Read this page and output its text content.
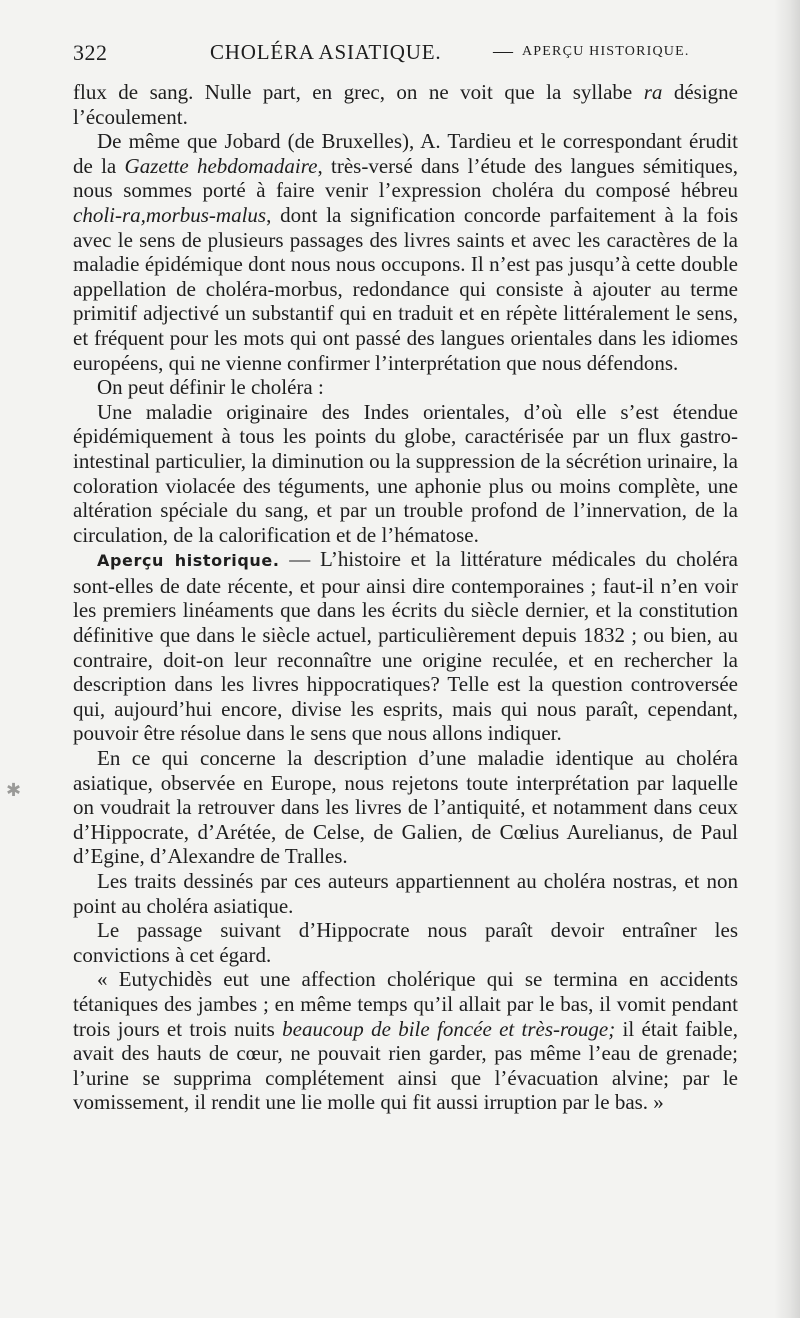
322	CHOLÉRA ASIATIQUE.	— APERÇU HISTORIQUE.

flux de sang. Nulle part, en grec, on ne voit que la syllabe ra désigne l’écoulement.

De même que Jobard (de Bruxelles), A. Tardieu et le correspondant érudit de la Gazette hebdomadaire, très-versé dans l’étude des langues sémitiques, nous sommes porté à faire venir l’expression choléra du composé hébreu choli-ra,morbus-malus, dont la signification concorde parfaitement à la fois avec le sens de plusieurs passages des livres saints et avec les caractères de la maladie épidémique dont nous nous occupons. Il n’est pas jusqu’à cette double appellation de choléra-morbus, redondance qui consiste à ajouter au terme primitif adjectivé un substantif qui en traduit et en répète littéralement le sens, et fréquent pour les mots qui ont passé des langues orientales dans les idiomes européens, qui ne vienne confirmer l’interprétation que nous défendons.

On peut définir le choléra :

Une maladie originaire des Indes orientales, d’où elle s’est étendue épidémiquement à tous les points du globe, caractérisée par un flux gastro-intestinal particulier, la diminution ou la suppression de la sécrétion urinaire, la coloration violacée des téguments, une aphonie plus ou moins complète, une altération spéciale du sang, et par un trouble profond de l’innervation, de la circulation, de la calorification et de l’hématose.

Aperçu historique. — L’histoire et la littérature médicales du choléra sont-elles de date récente, et pour ainsi dire contemporaines ; faut-il n’en voir les premiers linéaments que dans les écrits du siècle dernier, et la constitution définitive que dans le siècle actuel, particulièrement depuis 1832 ; ou bien, au contraire, doit-on leur reconnaître une origine reculée, et en rechercher la description dans les livres hippocratiques? Telle est la question controversée qui, aujourd’hui encore, divise les esprits, mais qui nous paraît, cependant, pouvoir être résolue dans le sens que nous allons indiquer.

En ce qui concerne la description d’une maladie identique au choléra asiatique, observée en Europe, nous rejetons toute interprétation par laquelle on voudrait la retrouver dans les livres de l’antiquité, et notamment dans ceux d’Hippocrate, d’Arétée, de Celse, de Galien, de Cœlius Aurelianus, de Paul d’Egine, d’Alexandre de Tralles.

Les traits dessinés par ces auteurs appartiennent au choléra nostras, et non point au choléra asiatique.

Le passage suivant d’Hippocrate nous paraît devoir entraîner les convictions à cet égard.

« Eutychidès eut une affection cholérique qui se termina en accidents tétaniques des jambes ; en même temps qu’il allait par le bas, il vomit pendant trois jours et trois nuits beaucoup de bile foncée et très-rouge; il était faible, avait des hauts de cœur, ne pouvait rien garder, pas même l’eau de grenade; l’urine se supprima complétement ainsi que l’évacuation alvine; par le vomissement, il rendit une lie molle qui fit aussi irruption par le bas. »

✱
